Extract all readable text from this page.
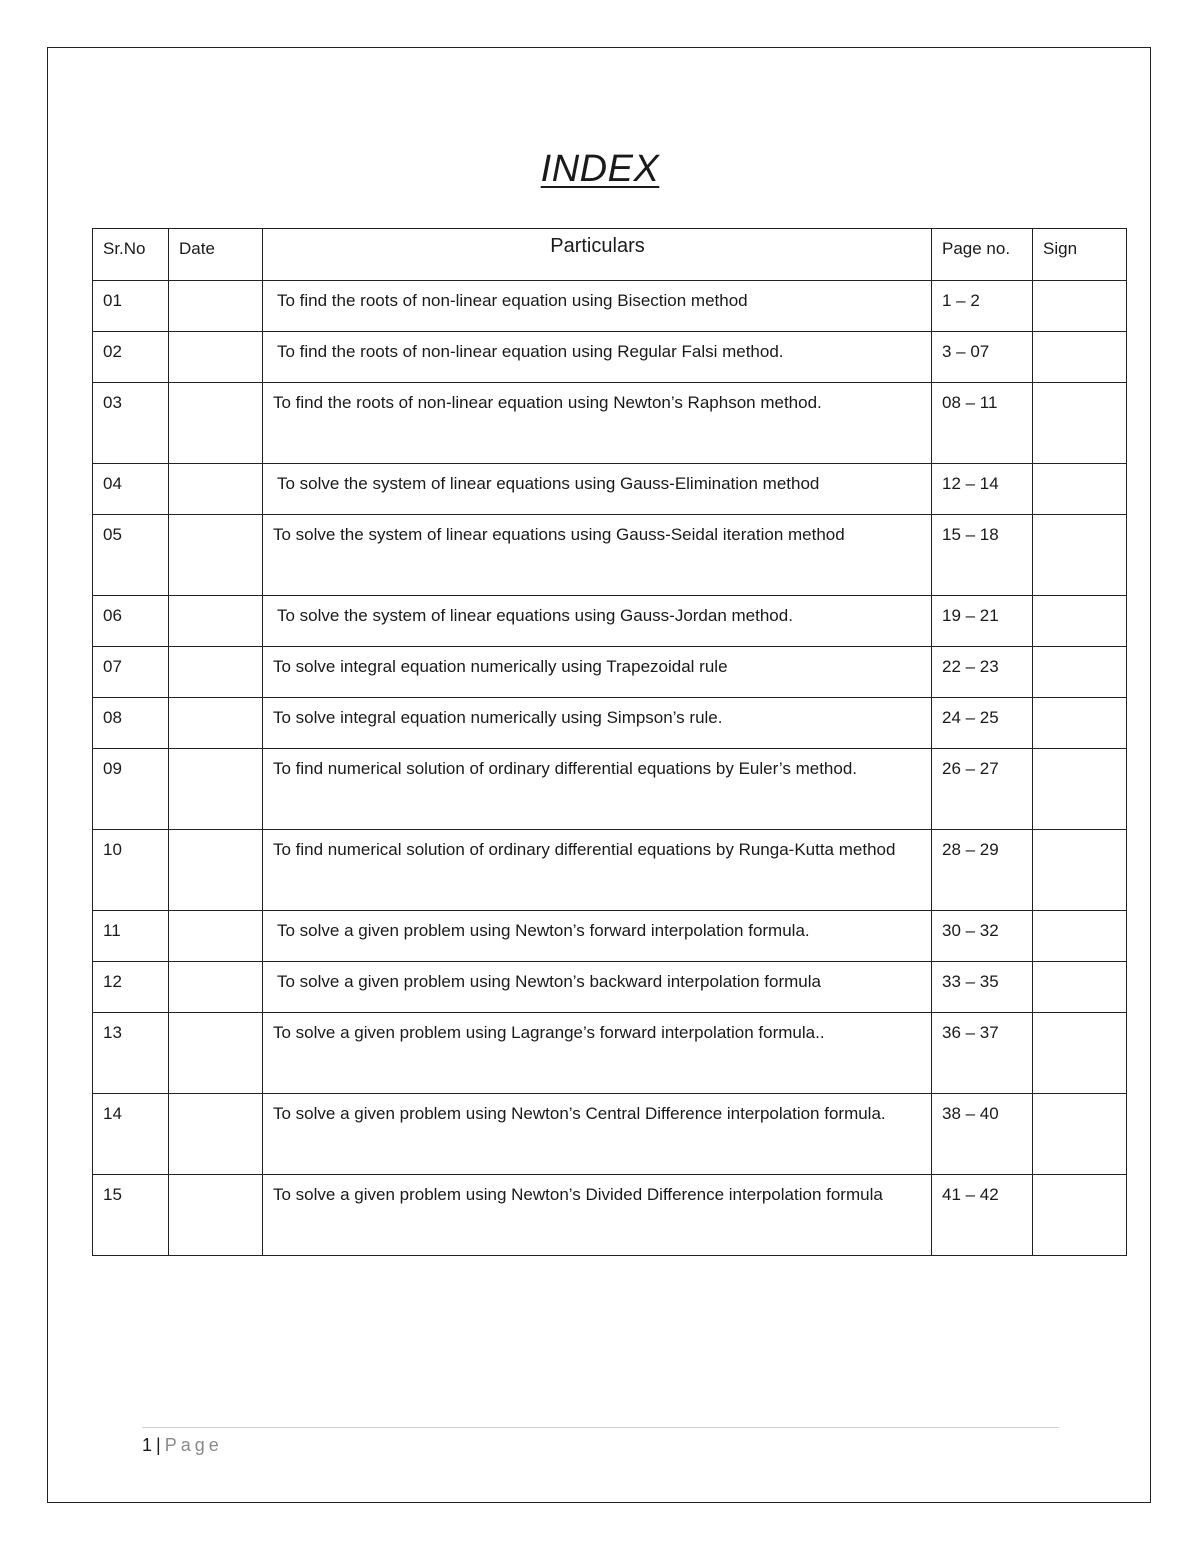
INDEX
Sr.No	Date	Particulars	Page no.	Sign
01		To find the roots of non-linear equation using Bisection method	1 – 2	
02		To find the roots of non-linear equation using Regular Falsi method.	3 – 07	
03		To find the roots of non-linear equation using Newton’s Raphson method.	08 – 11	
04		To solve the system of linear equations using Gauss-Elimination method	12 – 14	
05		To solve the system of linear equations using Gauss-Seidal iteration method	15 – 18	
06		To solve the system of linear equations using Gauss-Jordan method.	19 – 21	
07		To solve integral equation numerically using Trapezoidal rule	22 – 23	
08		To solve integral equation numerically using Simpson’s rule.	24 – 25	
09		To find numerical solution of ordinary differential equations by Euler’s method.	26 – 27	
10		To find numerical solution of ordinary differential equations by Runga-Kutta method	28 – 29	
11		To solve a given problem using Newton’s forward interpolation formula.	30 – 32	
12		To solve a given problem using Newton’s backward interpolation formula	33 – 35	
13		To solve a given problem using Lagrange’s forward interpolation formula..	36 – 37	
14		To solve a given problem using Newton’s Central Difference interpolation formula.	38 – 40	
15		To solve a given problem using Newton’s Divided Difference interpolation formula	41 – 42	
1 | Page
